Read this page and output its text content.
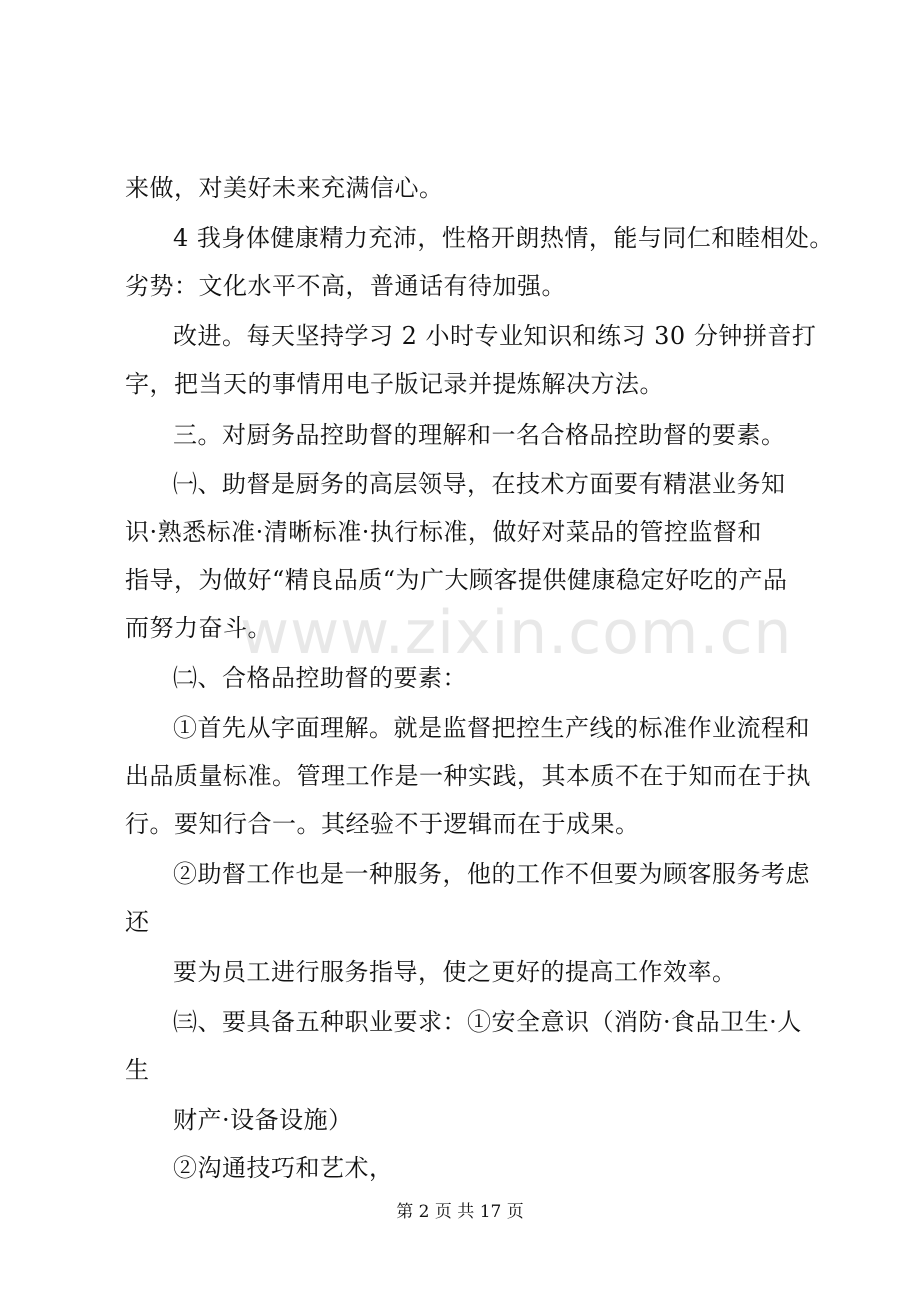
www.zixin.com.cn
来做，对美好未来充满信心。
4 我身体健康精力充沛，性格开朗热情，能与同仁和睦相处。
劣势：文化水平不高，普通话有待加强。
改进。每天坚持学习 2 小时专业知识和练习 30 分钟拼音打
字，把当天的事情用电子版记录并提炼解决方法。
三。对厨务品控助督的理解和一名合格品控助督的要素。
㈠、助督是厨务的高层领导，在技术方面要有精湛业务知
识·熟悉标准·清晰标准·执行标准，做好对菜品的管控监督和
指导，为做好“精良品质“为广大顾客提供健康稳定好吃的产品
而努力奋斗。
㈡、合格品控助督的要素：
①首先从字面理解。就是监督把控生产线的标准作业流程和
出品质量标准。管理工作是一种实践，其本质不在于知而在于执
行。要知行合一。其经验不于逻辑而在于成果。
②助督工作也是一种服务，他的工作不但要为顾客服务考虑
还
要为员工进行服务指导，使之更好的提高工作效率。
㈢、要具备五种职业要求：①安全意识（消防·食品卫生·人
生
财产·设备设施）
②沟通技巧和艺术，
第 2 页 共 17 页
